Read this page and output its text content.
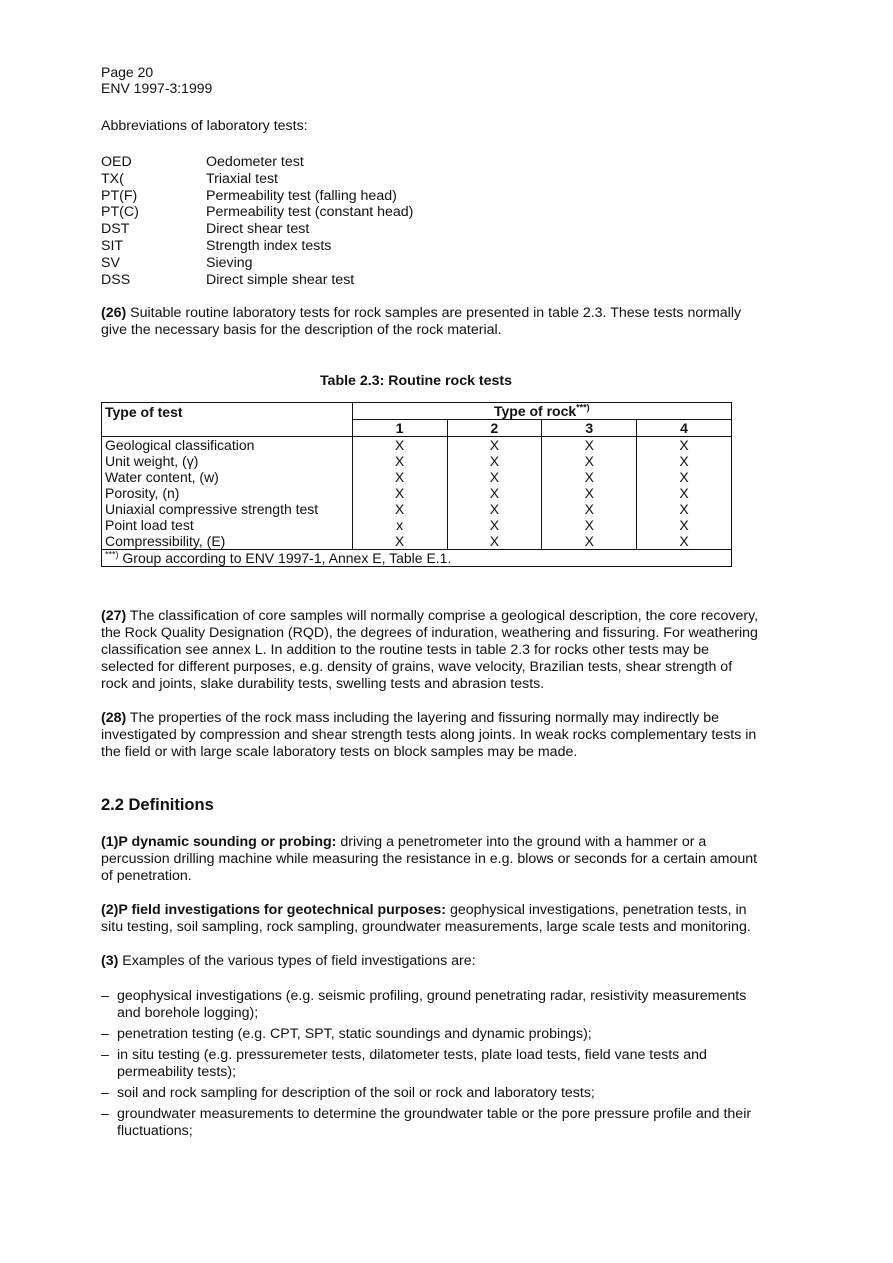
Page 20
ENV 1997-3:1999

Abbreviations of laboratory tests:

OED	Oedometer test
TX(	Triaxial test
PT(F)	Permeability test (falling head)
PT(C)	Permeability test (constant head)
DST	Direct shear test
SIT	Strength index tests
SV	Sieving
DSS	Direct simple shear test

(26) Suitable routine laboratory tests for rock samples are presented in table 2.3. These tests normally give the necessary basis for the description of the rock material.

Table 2.3: Routine rock tests
Type of test	Type of rock***)
	1	2	3	4
Geological classification	X	X	X	X
Unit weight, (γ)	X	X	X	X
Water content, (w)	X	X	X	X
Porosity, (n)	X	X	X	X
Uniaxial compressive strength test	X	X	X	X
Point load test	x	X	X	X
Compressibility, (E)	X	X	X	X
***) Group according to ENV 1997-1, Annex E, Table E.1.				

(27) The classification of core samples will normally comprise a geological description, the core recovery, the Rock Quality Designation (RQD), the degrees of induration, weathering and fissuring. For weathering classification see annex L. In addition to the routine tests in table 2.3 for rocks other tests may be selected for different purposes, e.g. density of grains, wave velocity, Brazilian tests, shear strength of rock and joints, slake durability tests, swelling tests and abrasion tests.

(28) The properties of the rock mass including the layering and fissuring normally may indirectly be investigated by compression and shear strength tests along joints. In weak rocks complementary tests in the field or with large scale laboratory tests on block samples may be made.

2.2 Definitions

(1)P dynamic sounding or probing: driving a penetrometer into the ground with a hammer or a percussion drilling machine while measuring the resistance in e.g. blows or seconds for a certain amount of penetration.

(2)P field investigations for geotechnical purposes: geophysical investigations, penetration tests, in situ testing, soil sampling, rock sampling, groundwater measurements, large scale tests and monitoring.

(3) Examples of the various types of field investigations are:

– geophysical investigations (e.g. seismic profiling, ground penetrating radar, resistivity measurements and borehole logging);
– penetration testing (e.g. CPT, SPT, static soundings and dynamic probings);
– in situ testing (e.g. pressuremeter tests, dilatometer tests, plate load tests, field vane tests and permeability tests);
– soil and rock sampling for description of the soil or rock and laboratory tests;
– groundwater measurements to determine the groundwater table or the pore pressure profile and their fluctuations;
